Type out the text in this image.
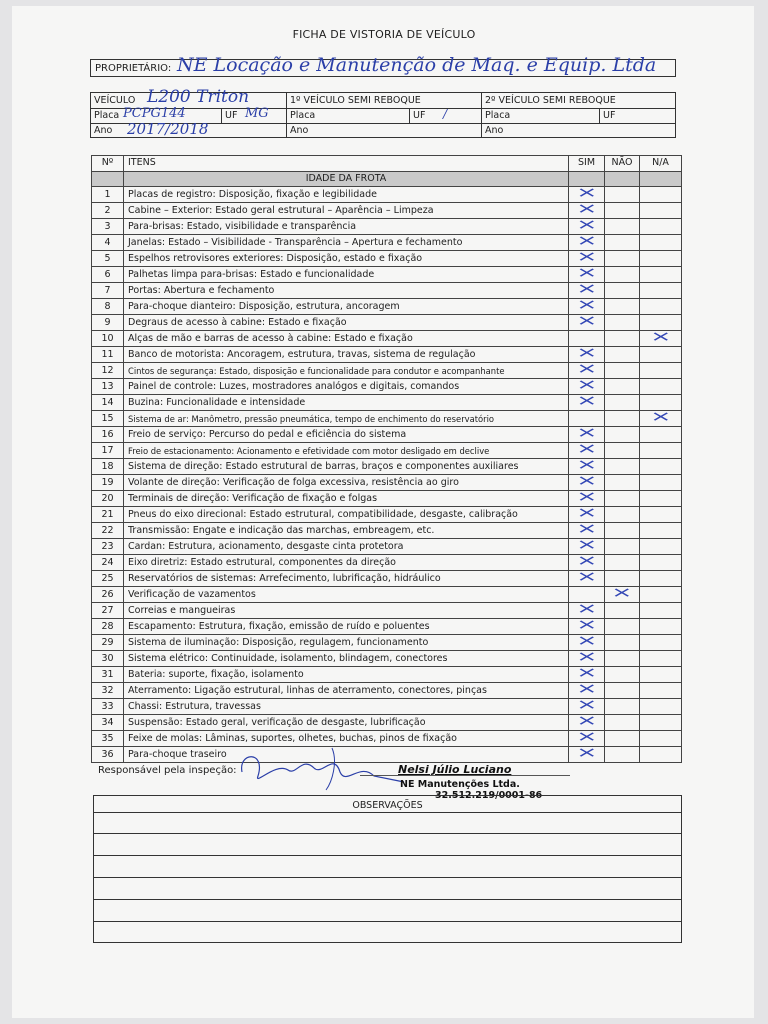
FICHA DE VISTORIA DE VEÍCULO
PROPRIETÁRIO: NE Locação e Manutenção de Maq. e Equip. Ltda
VEÍCULO L200 Triton
Placa PCPG144	UF MG
Ano 2017/2018
1º VEÍCULO SEMI REBOQUE
Placa	UF /
Ano
2º VEÍCULO SEMI REBOQUE
Placa	UF
Ano
Nº	ITENS	SIM	NÃO	N/A
	IDADE DA FROTA			
1	Placas de registro: Disposição, fixação e legibilidade	×		
2	Cabine – Exterior: Estado geral estrutural – Aparência – Limpeza	×		
3	Para-brisas: Estado, visibilidade e transparência	×		
4	Janelas: Estado – Visibilidade - Transparência – Apertura e fechamento	×		
5	Espelhos retrovisores exteriores: Disposição, estado e fixação	×		
6	Palhetas limpa para-brisas: Estado e funcionalidade	×		
7	Portas: Abertura e fechamento	×		
8	Para-choque dianteiro: Disposição, estrutura, ancoragem	×		
9	Degraus de acesso à cabine: Estado e fixação	×		
10	Alças de mão e barras de acesso à cabine: Estado e fixação			×
11	Banco de motorista: Ancoragem, estrutura, travas, sistema de regulação	×		
12	Cintos de segurança: Estado, disposição e funcionalidade para condutor e acompanhante	×		
13	Painel de controle: Luzes, mostradores analógos e digitais, comandos	×		
14	Buzina: Funcionalidade e intensidade	×		
15	Sistema de ar: Manômetro, pressão pneumática, tempo de enchimento do reservatório			×
16	Freio de serviço: Percurso do pedal e eficiência do sistema	×		
17	Freio de estacionamento: Acionamento e efetividade com motor desligado em declive	×		
18	Sistema de direção: Estado estrutural de barras, braços e componentes auxiliares	×		
19	Volante de direção: Verificação de folga excessiva, resistência ao giro	×		
20	Terminais de direção: Verificação de fixação e folgas	×		
21	Pneus do eixo direcional: Estado estrutural, compatibilidade, desgaste, calibração	×		
22	Transmissão: Engate e indicação das marchas, embreagem, etc.	×		
23	Cardan: Estrutura, acionamento, desgaste cinta protetora	×		
24	Eixo diretriz: Estado estrutural, componentes da direção	×		
25	Reservatórios de sistemas: Arrefecimento, lubrificação, hidráulico	×		
26	Verificação de vazamentos		×	
27	Correias e mangueiras	×		
28	Escapamento: Estrutura, fixação, emissão de ruído e poluentes	×		
29	Sistema de iluminação: Disposição, regulagem, funcionamento	×		
30	Sistema elétrico: Continuidade, isolamento, blindagem, conectores	×		
31	Bateria: suporte, fixação, isolamento	×		
32	Aterramento: Ligação estrutural, linhas de aterramento, conectores, pinças	×		
33	Chassi: Estrutura, travessas	×		
34	Suspensão: Estado geral, verificação de desgaste, lubrificação	×		
35	Feixe de molas: Lâminas, suportes, olhetes, buchas, pinos de fixação	×		
36	Para-choque traseiro	×		
Responsável pela inspeção:	Nelsi Júlio Luciano
NE Manutenções Ltda.
32.512.219/0001-86
OBSERVAÇÕES
